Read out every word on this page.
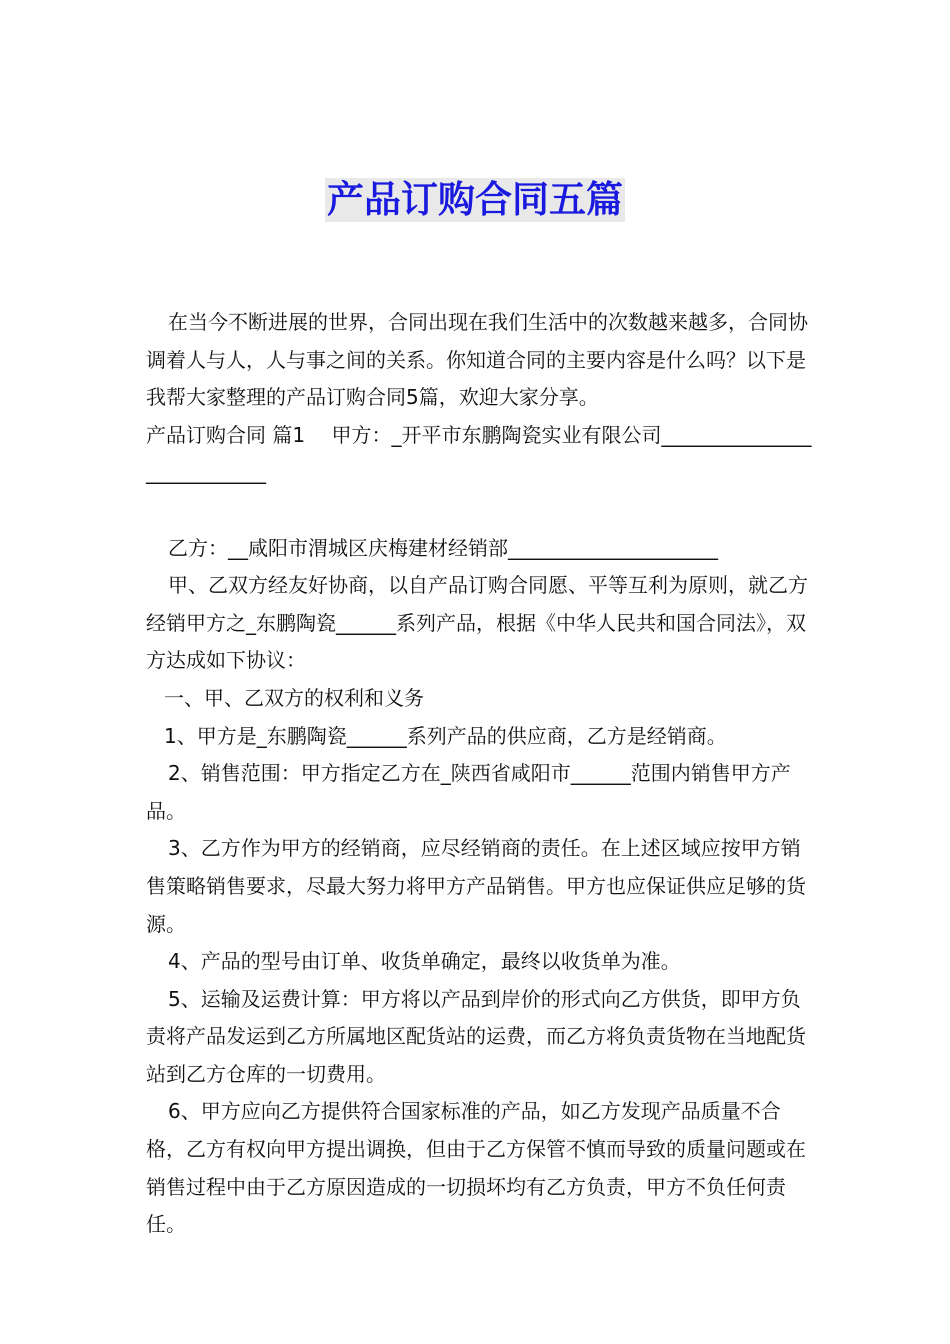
产品订购合同五篇

在当今不断进展的世界，合同出现在我们生活中的次数越来越多，合同协调着人与人，人与事之间的关系。你知道合同的主要内容是什么吗？以下是我帮大家整理的产品订购合同5篇，欢迎大家分享。

产品订购合同 篇1　 甲方：_开平市东鹏陶瓷实业有限公司___________________________

乙方：__咸阳市渭城区庆梅建材经销部_____________________

甲、乙双方经友好协商，以自产品订购合同愿、平等互利为原则，就乙方经销甲方之_东鹏陶瓷______系列产品，根据《中华人民共和国合同法》，双方达成如下协议：

一、甲、乙双方的权利和义务

1、甲方是_东鹏陶瓷______系列产品的供应商，乙方是经销商。

2、销售范围：甲方指定乙方在_陕西省咸阳市______范围内销售甲方产品。

3、乙方作为甲方的经销商，应尽经销商的责任。在上述区域应按甲方销售策略销售要求，尽最大努力将甲方产品销售。甲方也应保证供应足够的货源。

4、产品的型号由订单、收货单确定，最终以收货单为准。

5、运输及运费计算：甲方将以产品到岸价的形式向乙方供货，即甲方负责将产品发运到乙方所属地区配货站的运费，而乙方将负责货物在当地配货站到乙方仓库的一切费用。

6、甲方应向乙方提供符合国家标准的产品，如乙方发现产品质量不合格，乙方有权向甲方提出调换，但由于乙方保管不慎而导致的质量问题或在销售过程中由于乙方原因造成的一切损坏均有乙方负责，甲方不负任何责任。
